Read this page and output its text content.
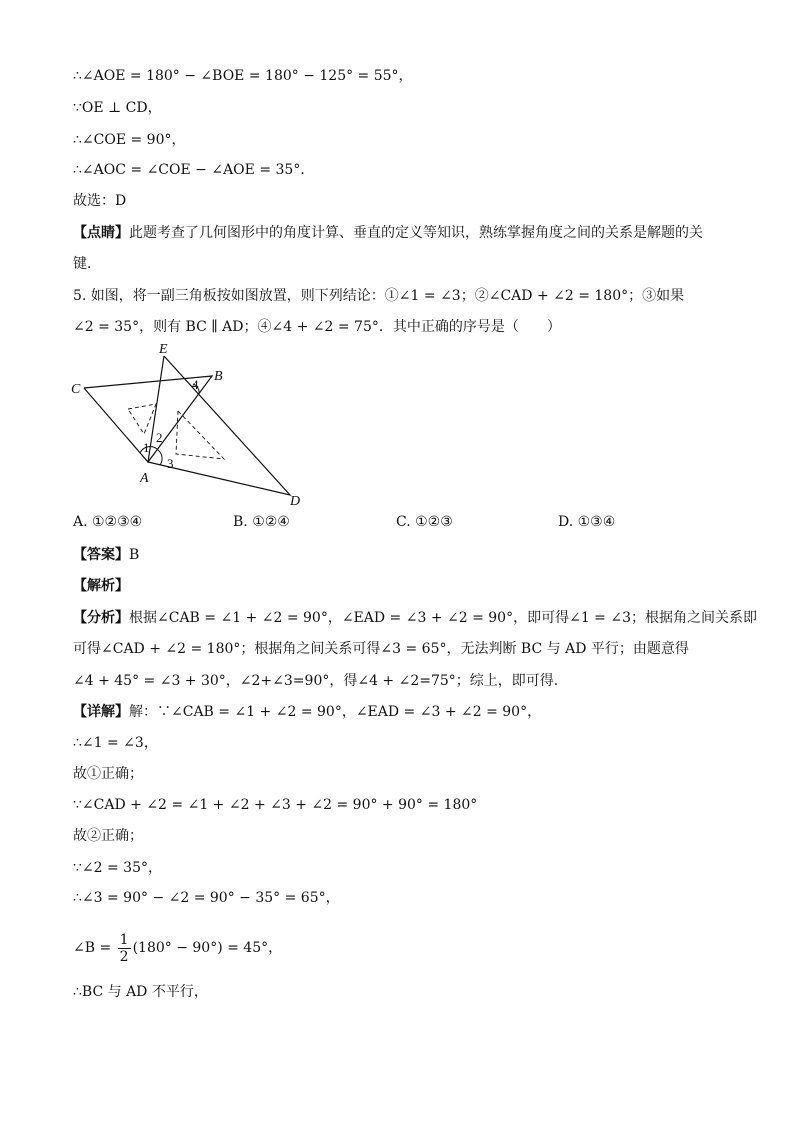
∴∠AOE = 180° − ∠BOE = 180° − 125° = 55°，
∵OE ⊥ CD，
∴∠COE = 90°，
∴∠AOC = ∠COE − ∠AOE = 35°．
故选：D
【点睛】此题考查了几何图形中的角度计算、垂直的定义等知识，熟练掌握角度之间的关系是解题的关
键．
5. 如图，将一副三角板按如图放置，则下列结论：①∠1 = ∠3；②∠CAD + ∠2 = 180°；③如果
∠2 = 35°，则有 BC ∥ AD；④∠4 + ∠2 = 75°．其中正确的序号是（　　）
E
C
B
A
D
4
1
2
3
A. ①②③④	B. ①②④	C. ①②③	D. ①③④
【答案】B
【解析】
【分析】根据∠CAB = ∠1 + ∠2 = 90°，∠EAD = ∠3 + ∠2 = 90°，即可得∠1 = ∠3；根据角之间关系即
可得∠CAD + ∠2 = 180°；根据角之间关系可得∠3 = 65°，无法判断 BC 与 AD 平行；由题意得
∠4 + 45° = ∠3 + 30°，∠2+∠3=90°，得∠4 + ∠2=75°；综上，即可得．
【详解】解：∵∠CAB = ∠1 + ∠2 = 90°，∠EAD = ∠3 + ∠2 = 90°，
∴∠1 = ∠3，
故①正确；
∵∠CAD + ∠2 = ∠1 + ∠2 + ∠3 + ∠2 = 90° + 90° = 180°
故②正确；
∵∠2 = 35°，
∴∠3 = 90° − ∠2 = 90° − 35° = 65°，
∠B = $\frac{1}{2} (180^\circ - 90^\circ) = 45^\circ$，
∴BC 与 AD 不平行，
